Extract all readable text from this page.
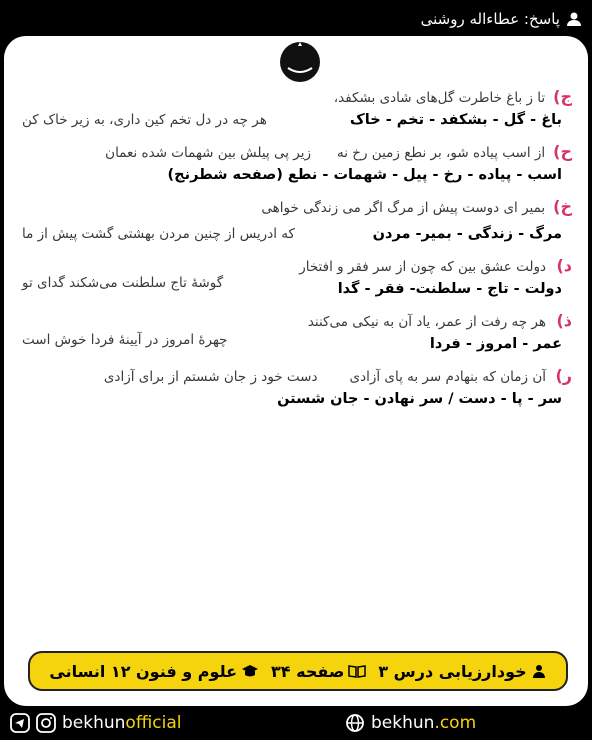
پاسخ: عطاءاله روشنی
ج)
تا ز باغ خاطرت گل‌های شادی بشکفد،
باغ - گل - بشکفد - تخم - خاک
هر چه در دل تخم کین داری، به زیر خاک کن
ح)
از اسب پیاده شو، بر نطع زمین رخ نه
زیر پی پیلش بین شهمات شده نعمان
اسب - پیاده - رخ - پیل - شهمات - نطع (صفحه شطرنج)
خ)
بمیر ای دوست پیش از مرگ اگر می زندگی خواهی
مرگ - زندگی - بمیر- مردن
که ادریس از چنین مردن بهشتی گشت پیش از ما
د)
دولت عشق بین که چون از سر فقر و افتخار
دولت - تاج - سلطنت- فقر - گدا
گوشهٔ تاج سلطنت می‌شکند گدای تو
ذ)
هر چه رفت از عمر، یاد آن به نیکی می‌کنند
عمر - امروز - فردا
چهرهٔ امروز در آیینهٔ فردا خوش است
ر)
آن زمان که بنهادم سر به پای آزادی
دست خود ز جان شستم از برای آزادی
سر - پا - دست / سر نهادن - جان شستن
خودارزیابی درس ۳
صفحه ۳۴
علوم و فنون ۱۲ انسانی
bekhunofficial	bekhun.com
